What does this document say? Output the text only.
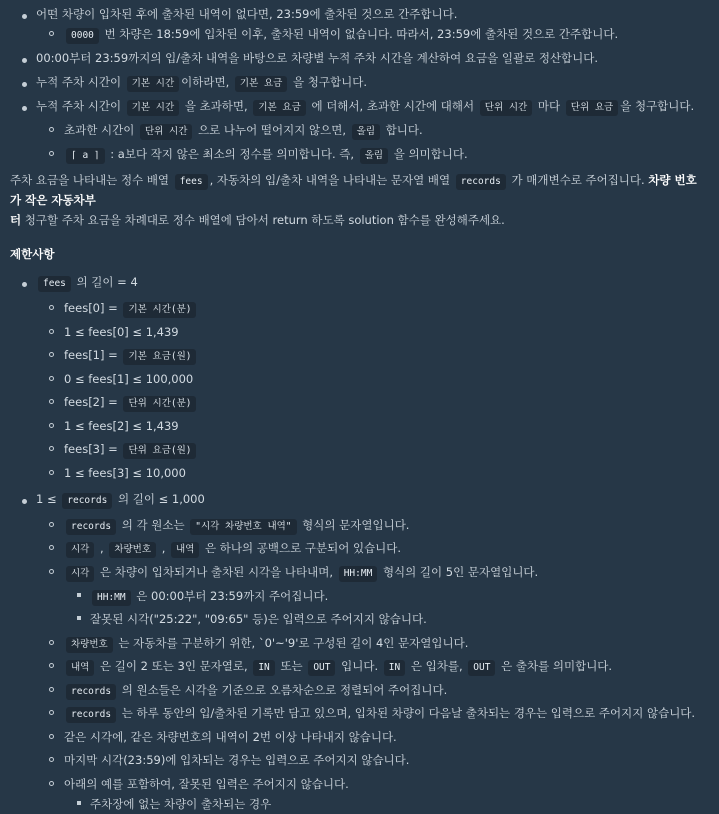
어떤 차량이 입차된 후에 출차된 내역이 없다면, 23:59에 출차된 것으로 간주합니다.
0000 번 차량은 18:59에 입차된 이후, 출차된 내역이 없습니다. 따라서, 23:59에 출차된 것으로 간주합니다.
00:00부터 23:59까지의 입/출차 내역을 바탕으로 차량별 누적 주차 시간을 계산하여 요금을 일괄로 정산합니다.
누적 주차 시간이 기본 시간 이하라면, 기본 요금 을 청구합니다.
누적 주차 시간이 기본 시간 을 초과하면, 기본 요금 에 더해서, 초과한 시간에 대해서 단위 시간 마다 단위 요금 을 청구합니다.
초과한 시간이 단위 시간 으로 나누어 떨어지지 않으면, 올림 합니다.
⌈ a ⌉ : a보다 작지 않은 최소의 정수를 의미합니다. 즉, 올림 을 의미합니다.

주차 요금을 나타내는 정수 배열 fees , 자동차의 입/출차 내역을 나타내는 문자열 배열 records 가 매개변수로 주어집니다. 차량 번호가 작은 자동차부
터 청구할 주차 요금을 차례대로 정수 배열에 담아서 return 하도록 solution 함수를 완성해주세요.

제한사항

fees 의 길이 = 4
fees[0] = 기본 시간(분)
1 ≤ fees[0] ≤ 1,439
fees[1] = 기본 요금(원)
0 ≤ fees[1] ≤ 100,000
fees[2] = 단위 시간(분)
1 ≤ fees[2] ≤ 1,439
fees[3] = 단위 요금(원)
1 ≤ fees[3] ≤ 10,000
1 ≤ records 의 길이 ≤ 1,000
records 의 각 원소는 "시각 차량번호 내역" 형식의 문자열입니다.
시각 , 차량번호 , 내역 은 하나의 공백으로 구분되어 있습니다.
시각 은 차량이 입차되거나 출차된 시각을 나타내며, HH:MM 형식의 길이 5인 문자열입니다.
HH:MM 은 00:00부터 23:59까지 주어집니다.
잘못된 시각("25:22", "09:65" 등)은 입력으로 주어지지 않습니다.
차량번호 는 자동차를 구분하기 위한, `0'~'9'로 구성된 길이 4인 문자열입니다.
내역 은 길이 2 또는 3인 문자열로, IN 또는 OUT 입니다. IN 은 입차를, OUT 은 출차를 의미합니다.
records 의 원소들은 시각을 기준으로 오름차순으로 정렬되어 주어집니다.
records 는 하루 동안의 입/출차된 기록만 담고 있으며, 입차된 차량이 다음날 출차되는 경우는 입력으로 주어지지 않습니다.
같은 시각에, 같은 차량번호의 내역이 2번 이상 나타내지 않습니다.
마지막 시각(23:59)에 입차되는 경우는 입력으로 주어지지 않습니다.
아래의 예를 포함하여, 잘못된 입력은 주어지지 않습니다.
주차장에 없는 차량이 출차되는 경우
